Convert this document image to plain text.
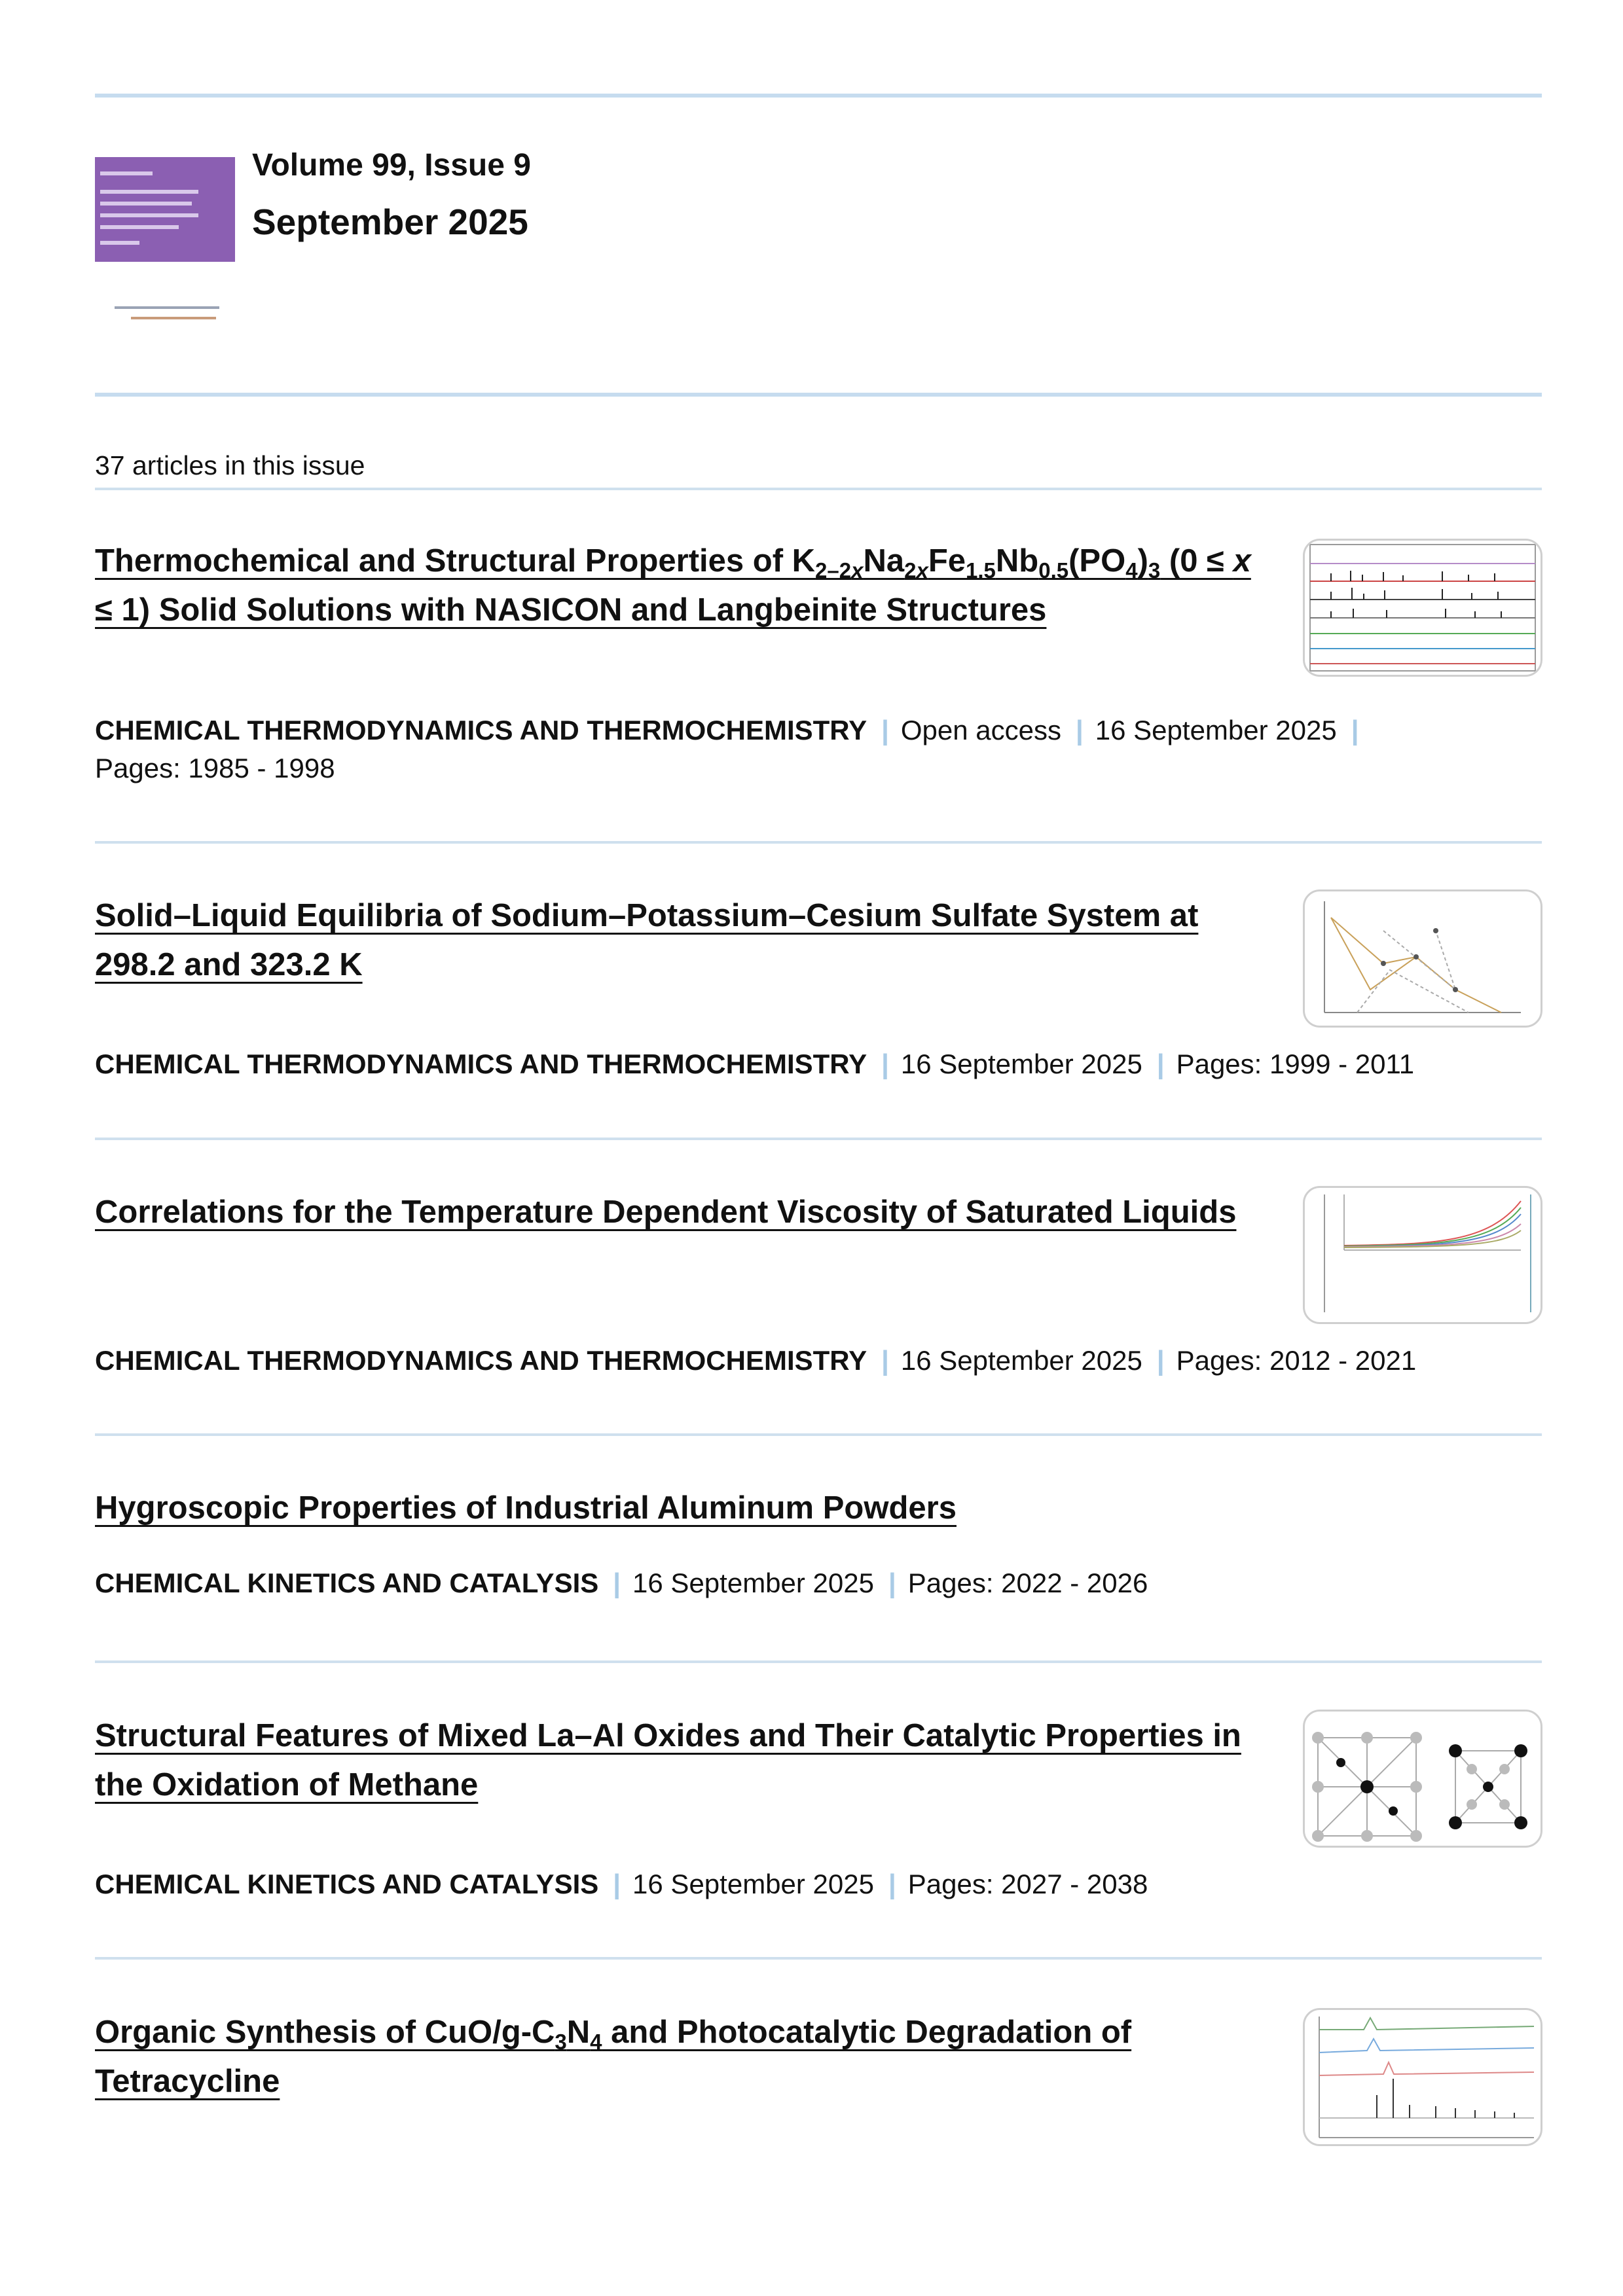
Volume 99, Issue 9
September 2025
37 articles in this issue
Thermochemical and Structural Properties of $K_{2-2x}Na_{2x}Fe_{1.5}Nb_{0.5}(PO_4)_3$ (0 ≤ x ≤ 1) Solid Solutions with NASICON and Langbeinite Structures
CHEMICAL THERMODYNAMICS AND THERMOCHEMISTRY | Open access | 16 September 2025 |
Pages: 1985 - 1998
Solid–Liquid Equilibria of Sodium–Potassium–Cesium Sulfate System at 298.2 and 323.2 K
CHEMICAL THERMODYNAMICS AND THERMOCHEMISTRY | 16 September 2025 | Pages: 1999 - 2011
Correlations for the Temperature Dependent Viscosity of Saturated Liquids
CHEMICAL THERMODYNAMICS AND THERMOCHEMISTRY | 16 September 2025 | Pages: 2012 - 2021
Hygroscopic Properties of Industrial Aluminum Powders
CHEMICAL KINETICS AND CATALYSIS | 16 September 2025 | Pages: 2022 - 2026
Structural Features of Mixed La–Al Oxides and Their Catalytic Properties in the Oxidation of Methane
CHEMICAL KINETICS AND CATALYSIS | 16 September 2025 | Pages: 2027 - 2038
Organic Synthesis of CuO/$g-C_3N_4$ and Photocatalytic Degradation of Tetracycline
